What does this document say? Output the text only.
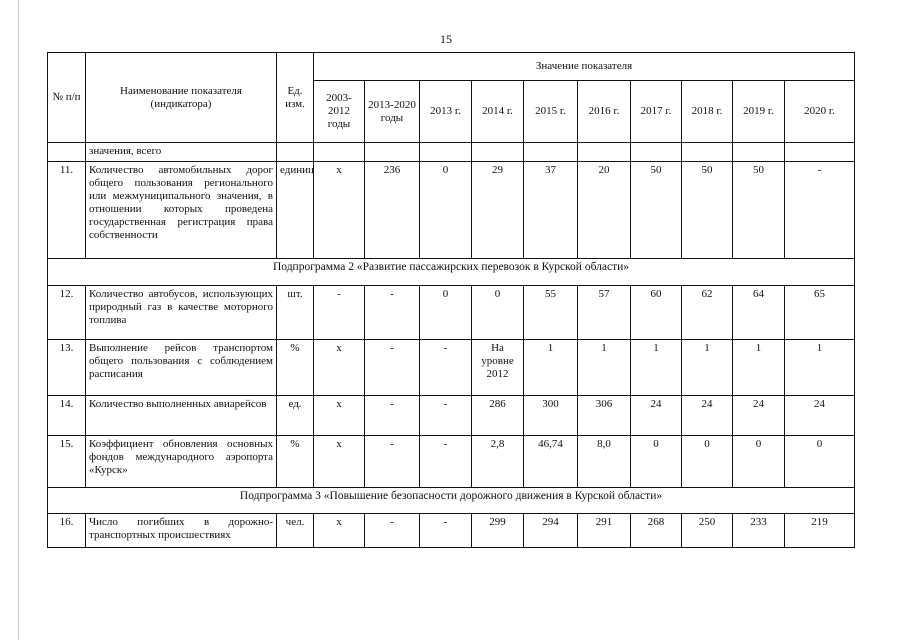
15
№ п/п	Наименование показателя (индикатора)	Ед. изм.	Значение показателя									
			2003-2012 годы	2013-2020 годы	2013 г.	2014 г.	2015 г.	2016 г.	2017 г.	2018 г.	2019 г.	2020 г.
	значения, всего											
11.	Количество автомобильных дорог общего пользования регионального или межмуниципального значения, в отношении которых проведена государственная регистрация права собственности	единиц	x	236	0	29	37	20	50	50	50	-
Подпрограмма 2 «Развитие пассажирских перевозок в Курской области»												
12.	Количество автобусов, использующих природный газ в качестве моторного топлива	шт.	-	-	0	0	55	57	60	62	64	65
13.	Выполнение рейсов транспортом общего пользования с соблюдением расписания	%	x	-	-	На уровне 2012	1	1	1	1	1	1
14.	Количество выполненных авиарейсов	ед.	x	-	-	286	300	306	24	24	24	24
15.	Коэффициент обновления основных фондов международного аэропорта «Курск»	%	x	-	-	2,8	46,74	8,0	0	0	0	0
Подпрограмма 3 «Повышение безопасности дорожного движения в Курской области»												
16.	Число погибших в дорожно-транспортных происшествиях	чел.	x	-	-	299	294	291	268	250	233	219
